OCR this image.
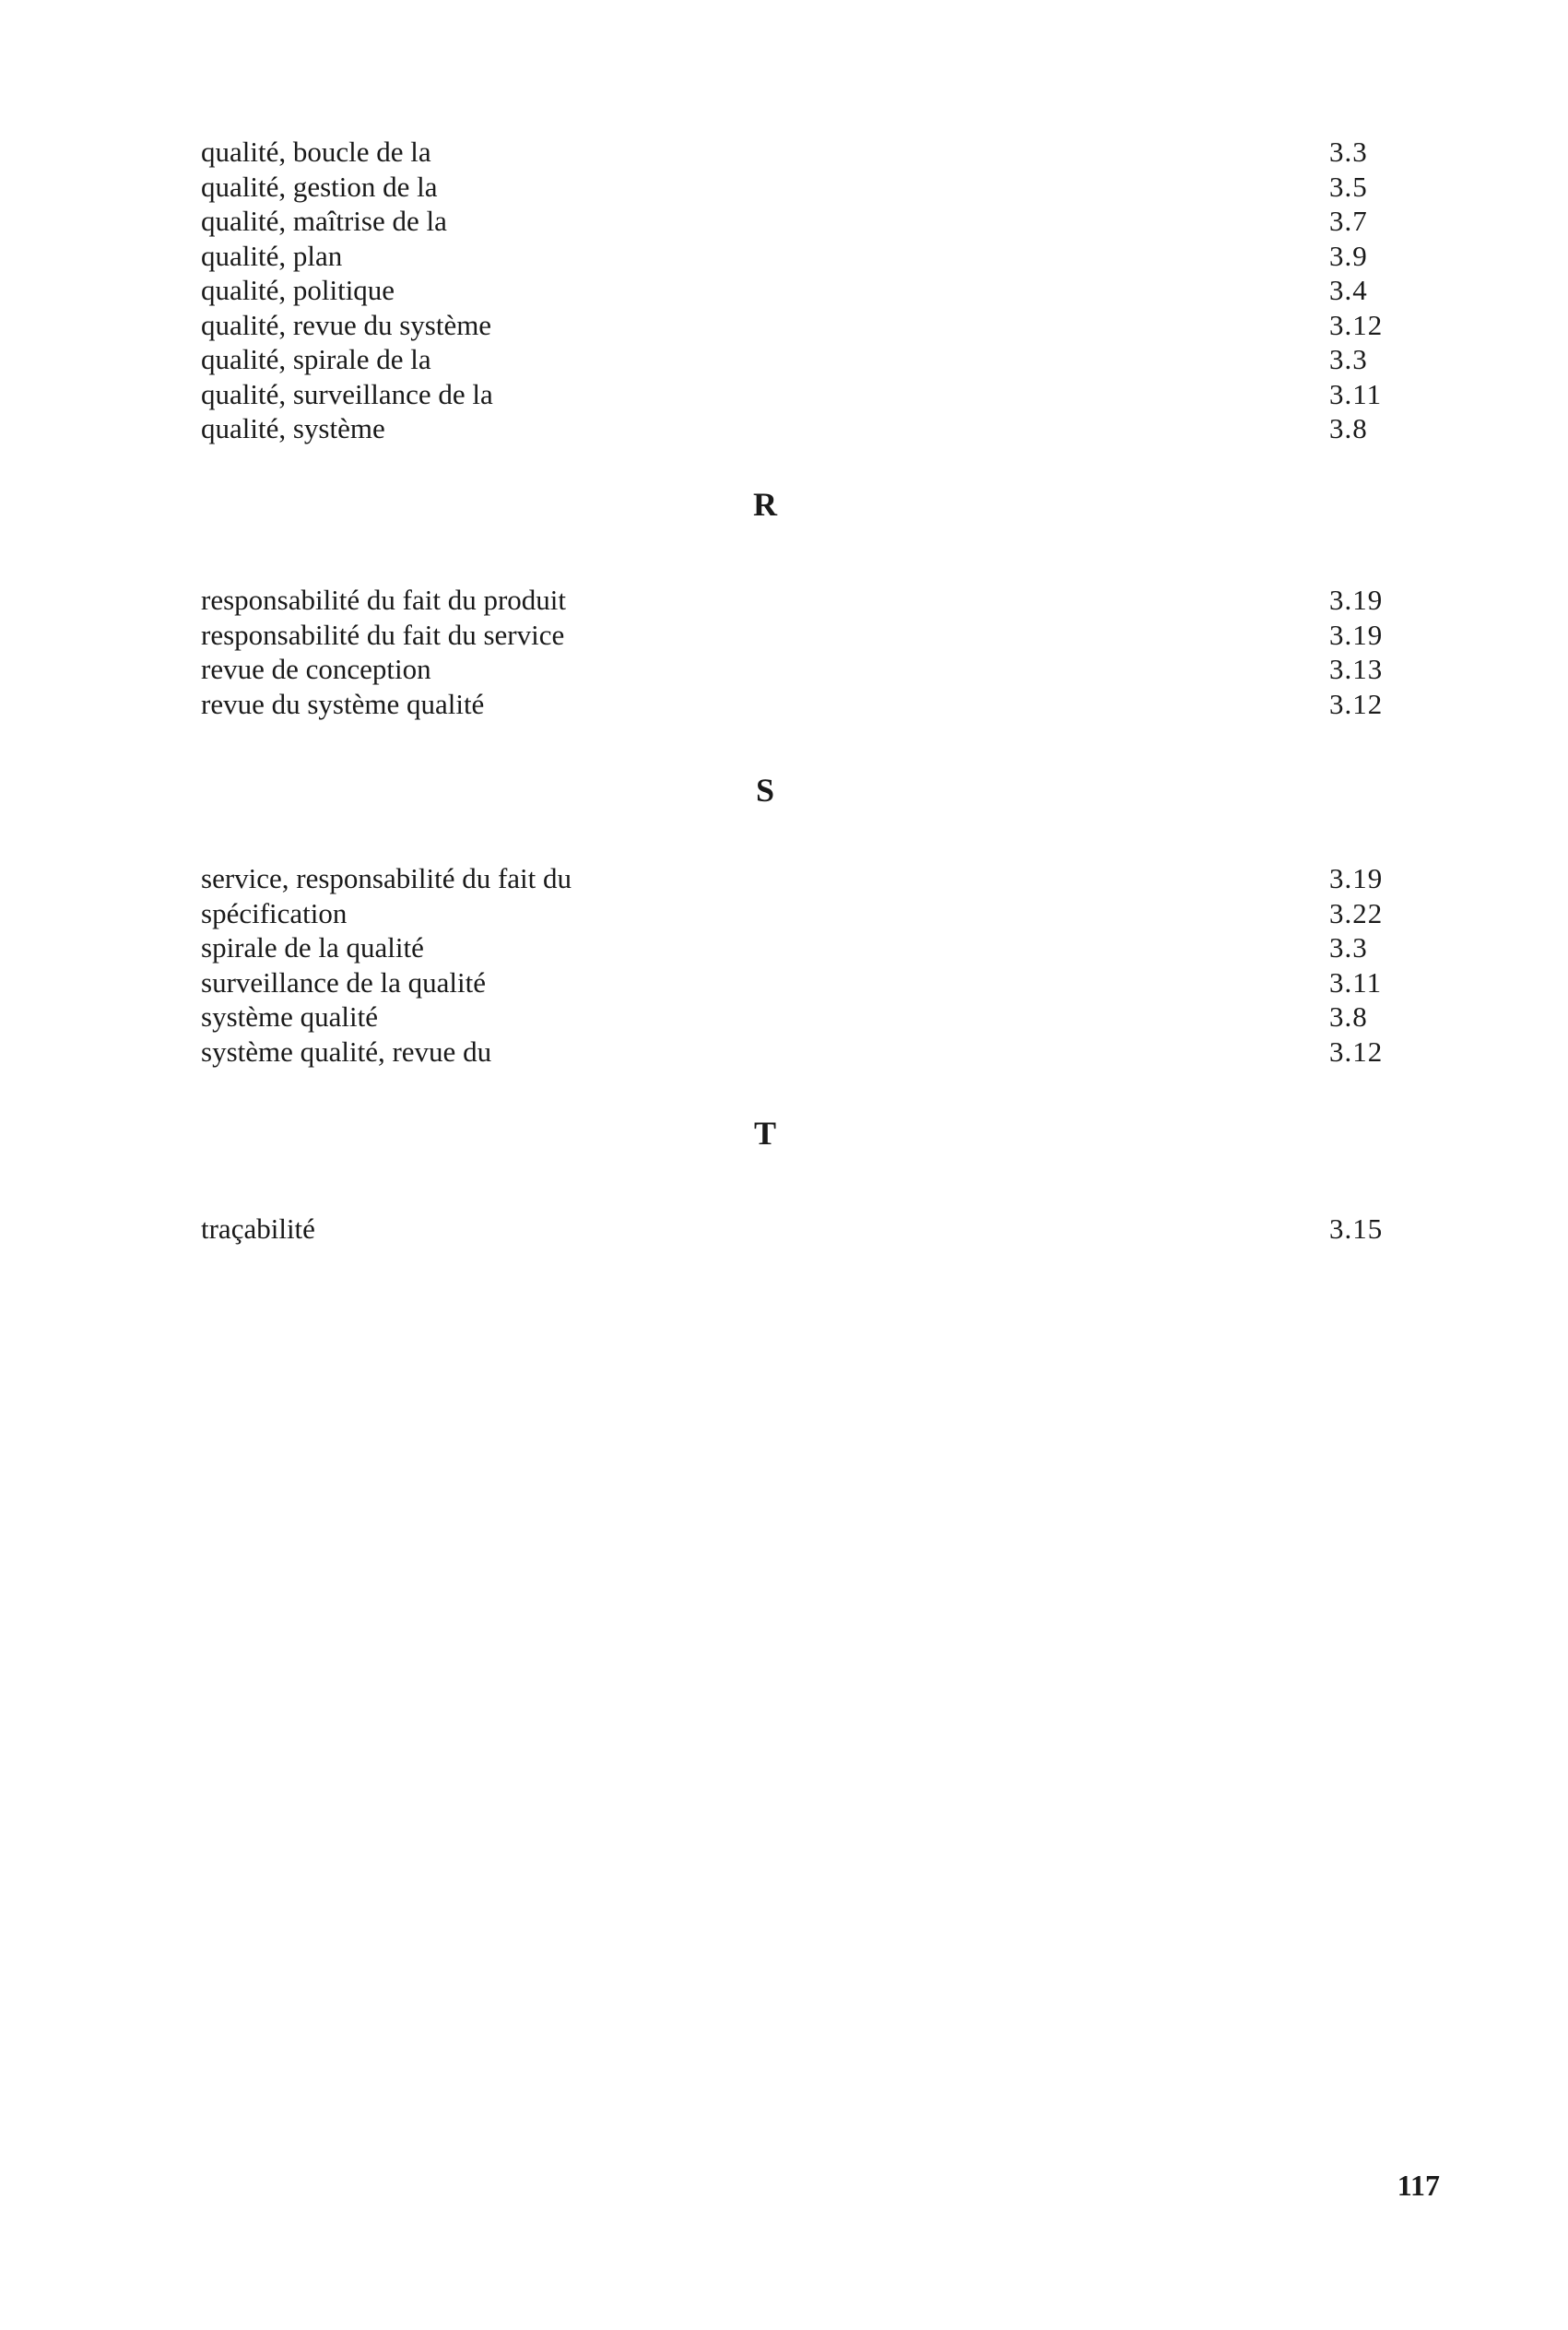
qualité, boucle de la	3.3
qualité, gestion de la	3.5
qualité, maîtrise de la	3.7
qualité, plan	3.9
qualité, politique	3.4
qualité, revue du système	3.12
qualité, spirale de la	3.3
qualité, surveillance de la	3.11
qualité, système	3.8
R
responsabilité du fait du produit	3.19
responsabilité du fait du service	3.19
revue de conception	3.13
revue du système qualité	3.12
S
service, responsabilité du fait du	3.19
spécification	3.22
spirale de la qualité	3.3
surveillance de la qualité	3.11
système qualité	3.8
système qualité, revue du	3.12
T
traçabilité	3.15
117
